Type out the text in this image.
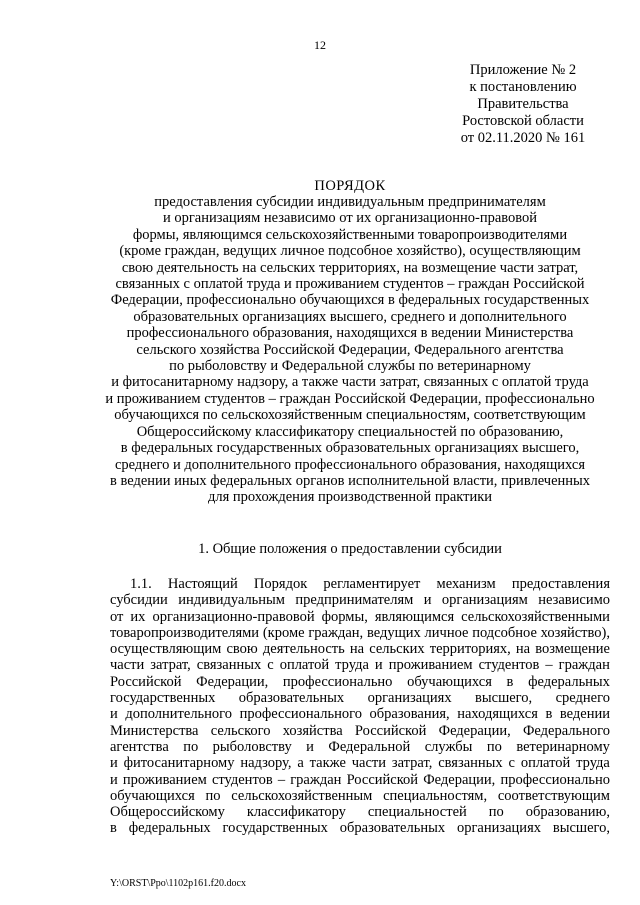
12
Приложение № 2
к постановлению
Правительства
Ростовской области
от 02.11.2020 № 161
ПОРЯДОК
предоставления субсидии индивидуальным предпринимателям
и организациям независимо от их организационно-правовой
формы, являющимся сельскохозяйственными товаропроизводителями
(кроме граждан, ведущих личное подсобное хозяйство), осуществляющим
свою деятельность на сельских территориях, на возмещение части затрат,
связанных с оплатой труда и проживанием студентов – граждан Российской
Федерации, профессионально обучающихся в федеральных государственных
образовательных организациях высшего, среднего и дополнительного
профессионального образования, находящихся в ведении Министерства
сельского хозяйства Российской Федерации, Федерального агентства
по рыболовству и Федеральной службы по ветеринарному
и фитосанитарному надзору, а также части затрат, связанных с оплатой труда
и проживанием студентов – граждан Российской Федерации, профессионально
обучающихся по сельскохозяйственным специальностям, соответствующим
Общероссийскому классификатору специальностей по образованию,
в федеральных государственных образовательных организациях высшего,
среднего и дополнительного профессионального образования, находящихся
в ведении иных федеральных органов исполнительной власти, привлеченных
для прохождения производственной практики
1. Общие положения о предоставлении субсидии
1.1. Настоящий Порядок регламентирует механизм предоставления
субсидии индивидуальным предпринимателям и организациям независимо
от их организационно-правовой формы, являющимся сельскохозяйственными
товаропроизводителями (кроме граждан, ведущих личное подсобное хозяйство),
осуществляющим свою деятельность на сельских территориях, на возмещение
части затрат, связанных с оплатой труда и проживанием студентов – граждан
Российской Федерации, профессионально обучающихся в федеральных
государственных образовательных организациях высшего, среднего
и дополнительного профессионального образования, находящихся в ведении
Министерства сельского хозяйства Российской Федерации, Федерального
агентства по рыболовству и Федеральной службы по ветеринарному
и фитосанитарному надзору, а также части затрат, связанных с оплатой труда
и проживанием студентов – граждан Российской Федерации, профессионально
обучающихся по сельскохозяйственным специальностям, соответствующим
Общероссийскому классификатору специальностей по образованию,
в федеральных государственных образовательных организациях высшего,
Y:\ORST\Ppo\1102p161.f20.docx
